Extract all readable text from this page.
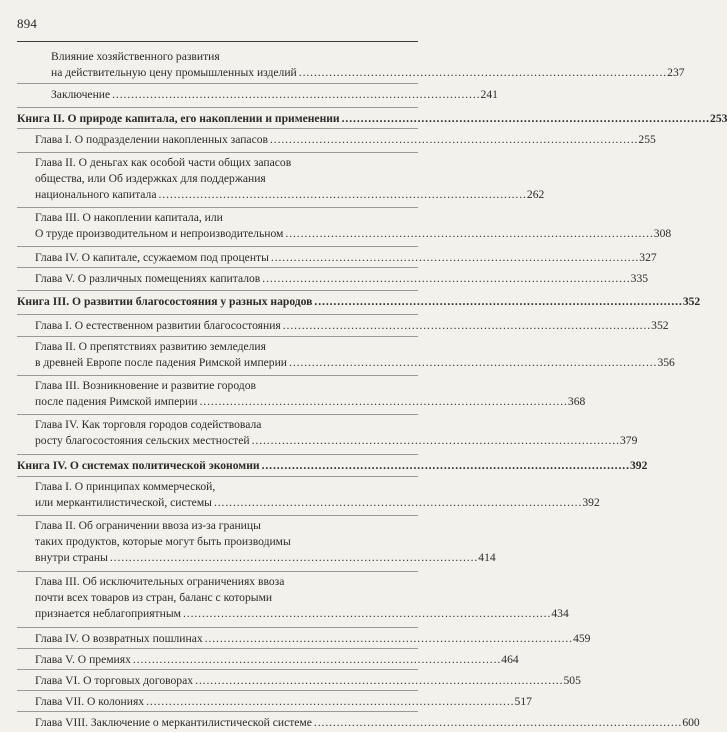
894
Влияние хозяйственного развития
на действительную цену промышленных изделий . . .	237
Заключение . . .	241
Книга II. О природе капитала, его накоплении и применении . . .	253
Глава I. О подразделении накопленных запасов . . .	255
Глава II. О деньгах как особой части общих запасов
общества, или Об издержках для поддержания
национального капитала . . .	262
Глава III. О накоплении капитала, или
О труде производительном и непроизводительном . . .	308
Глава IV. О капитале, ссужаемом под проценты . . .	327
Глава V. О различных помещениях капиталов . . .	335
Книга III. О развитии благосостояния у разных народов . . .	352
Глава I. О естественном развитии благосостояния . . .	352
Глава II. О препятствиях развитию земледелия
в древней Европе после падения Римской империи . . .	356
Глава III. Возникновение и развитие городов
после падения Римской империи . . .	368
Глава IV. Как торговля городов содействовала
росту благосостояния сельских местностей . . .	379
Книга IV. О системах политической экономии . . .	392
Глава I. О принципах коммерческой,
или меркантилистической, системы . . .	392
Глава II. Об ограничении ввоза из-за границы
таких продуктов, которые могут быть производимы
внутри страны . . .	414
Глава III. Об исключительных ограничениях ввоза
почти всех товаров из стран, баланс с которыми
признается неблагоприятным . . .	434
Глава IV. О возвратных пошлинах . . .	459
Глава V. О премиях . . .	464
Глава VI. О торговых договорах . . .	505
Глава VII. О колониях . . .	517
Глава VIII. Заключение о меркантилистической системе . . .	600
